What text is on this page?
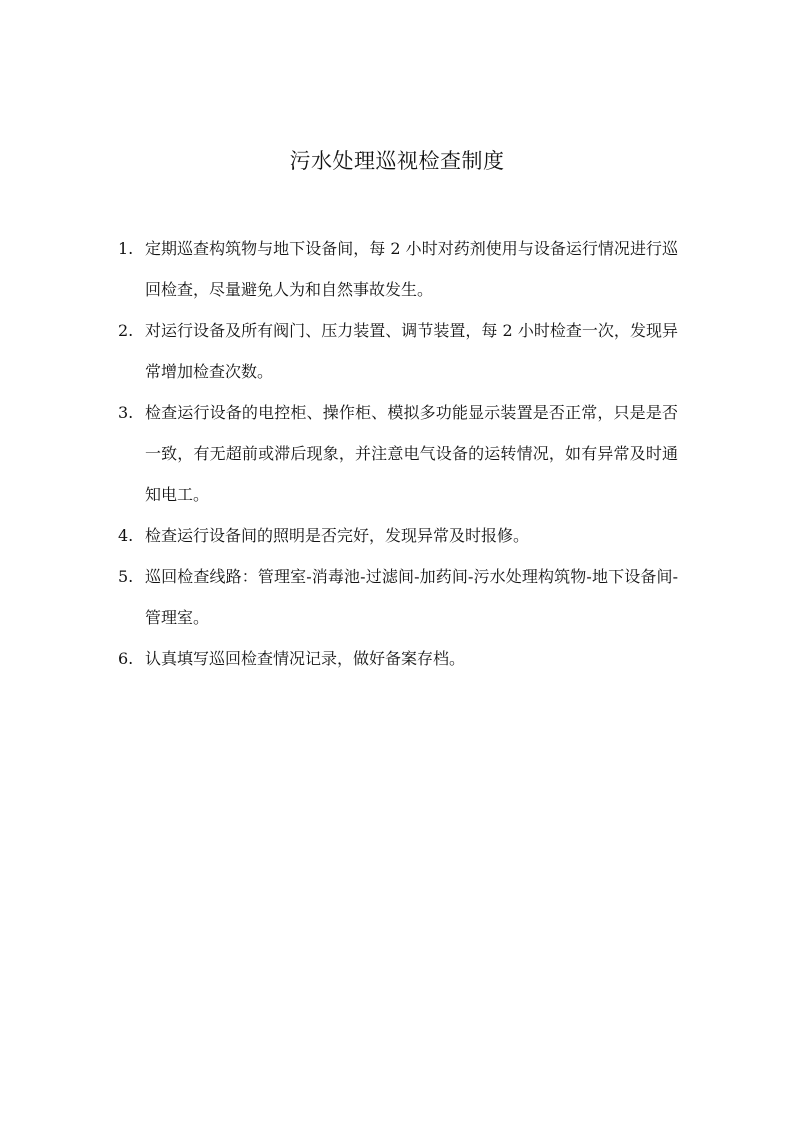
污水处理巡视检查制度
1. 定期巡查构筑物与地下设备间，每 2 小时对药剂使用与设备运行情况进行巡回检查，尽量避免人为和自然事故发生。
2. 对运行设备及所有阀门、压力装置、调节装置，每 2 小时检查一次，发现异常增加检查次数。
3. 检查运行设备的电控柜、操作柜、模拟多功能显示装置是否正常，只是是否一致，有无超前或滞后现象，并注意电气设备的运转情况，如有异常及时通知电工。
4. 检查运行设备间的照明是否完好，发现异常及时报修。
5. 巡回检查线路：管理室-消毒池-过滤间-加药间-污水处理构筑物-地下设备间-管理室。
6. 认真填写巡回检查情况记录，做好备案存档。
